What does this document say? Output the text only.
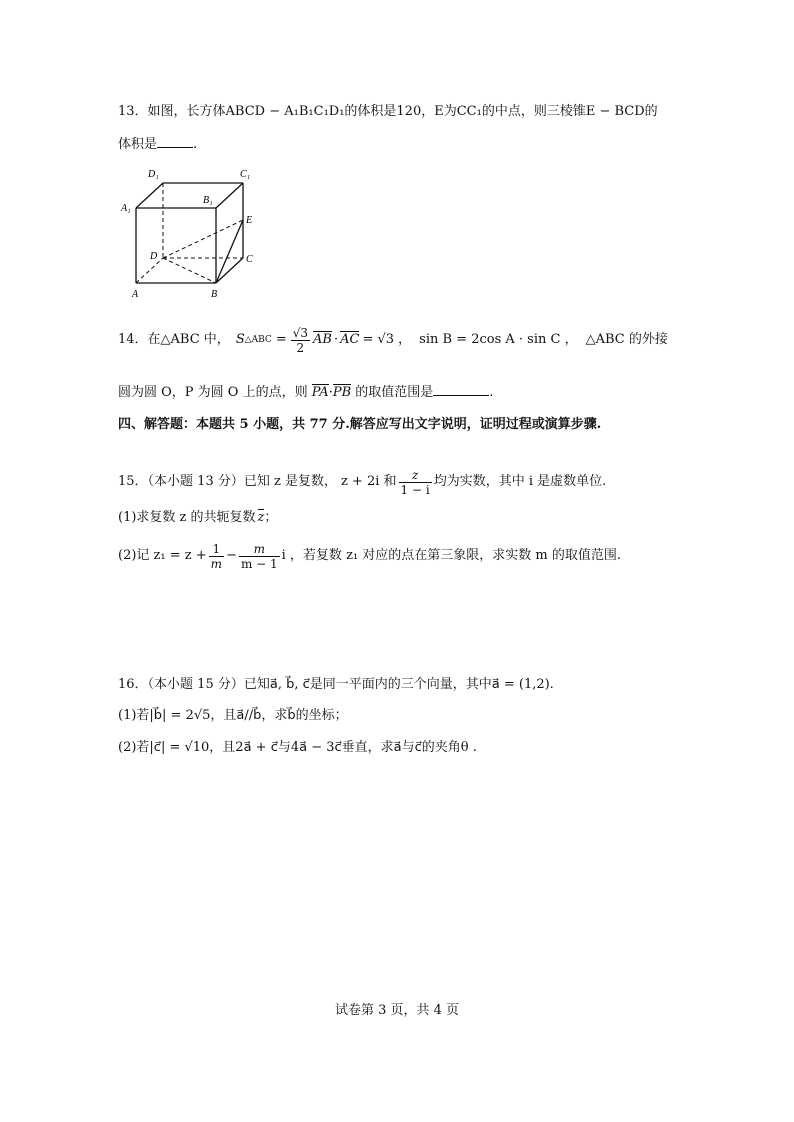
13．如图，长方体ABCD − A₁B₁C₁D₁的体积是120，E为CC₁的中点，则三棱锥E − BCD的
体积是	.
D₁	C₁
A₁
B₁
E
D	C
A	B
14．在△ABC 中， S △ABC = $\frac{√3}{2}$ AB · AC = √3 ， sin B = 2cos A · sin C ， △ABC 的外接
圆为圆 O，P 为圆 O 上的点，则 PA·PB 的取值范围是	.
四、解答题：本题共 5 小题，共 77 分.解答应写出文字说明，证明过程或演算步骤.
15．（本小题 13 分）已知 z 是复数， z + 2i 和 $\frac{z}{1 - i}$ 均为实数，其中 i 是虚数单位.
(1)求复数 z 的共轭复数 z；
(2)记 $z_1 = z + \frac{1}{m} - \frac{m}{m - 1}$ i ，若复数 z₁ 对应的点在第三象限，求实数 m 的取值范围.
16．（本小题 15 分）已知a⃗, b⃗, c⃗是同一平面内的三个向量，其中a⃗ = (1,2).
(1)若|b⃗| = 2√5，且a⃗//b⃗，求b⃗的坐标；
(2)若|c⃗| = √10，且2a⃗ + c⃗与4a⃗ − 3c⃗垂直，求a⃗与c⃗的夹角θ .
试卷第 3 页，共 4 页
